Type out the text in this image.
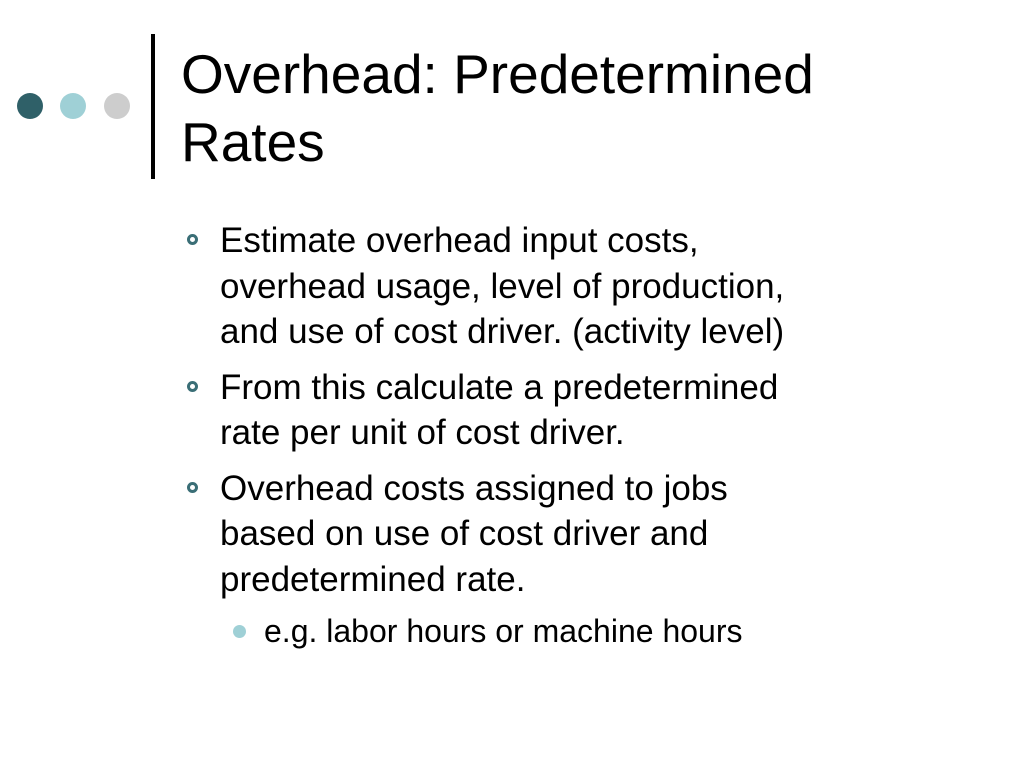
Overhead: Predetermined
Rates
Estimate overhead input costs,
overhead usage, level of production,
and use of cost driver. (activity level)
From this calculate a predetermined
rate per unit of cost driver.
Overhead costs assigned to jobs
based on use of cost driver and
predetermined rate.
e.g. labor hours or machine hours
